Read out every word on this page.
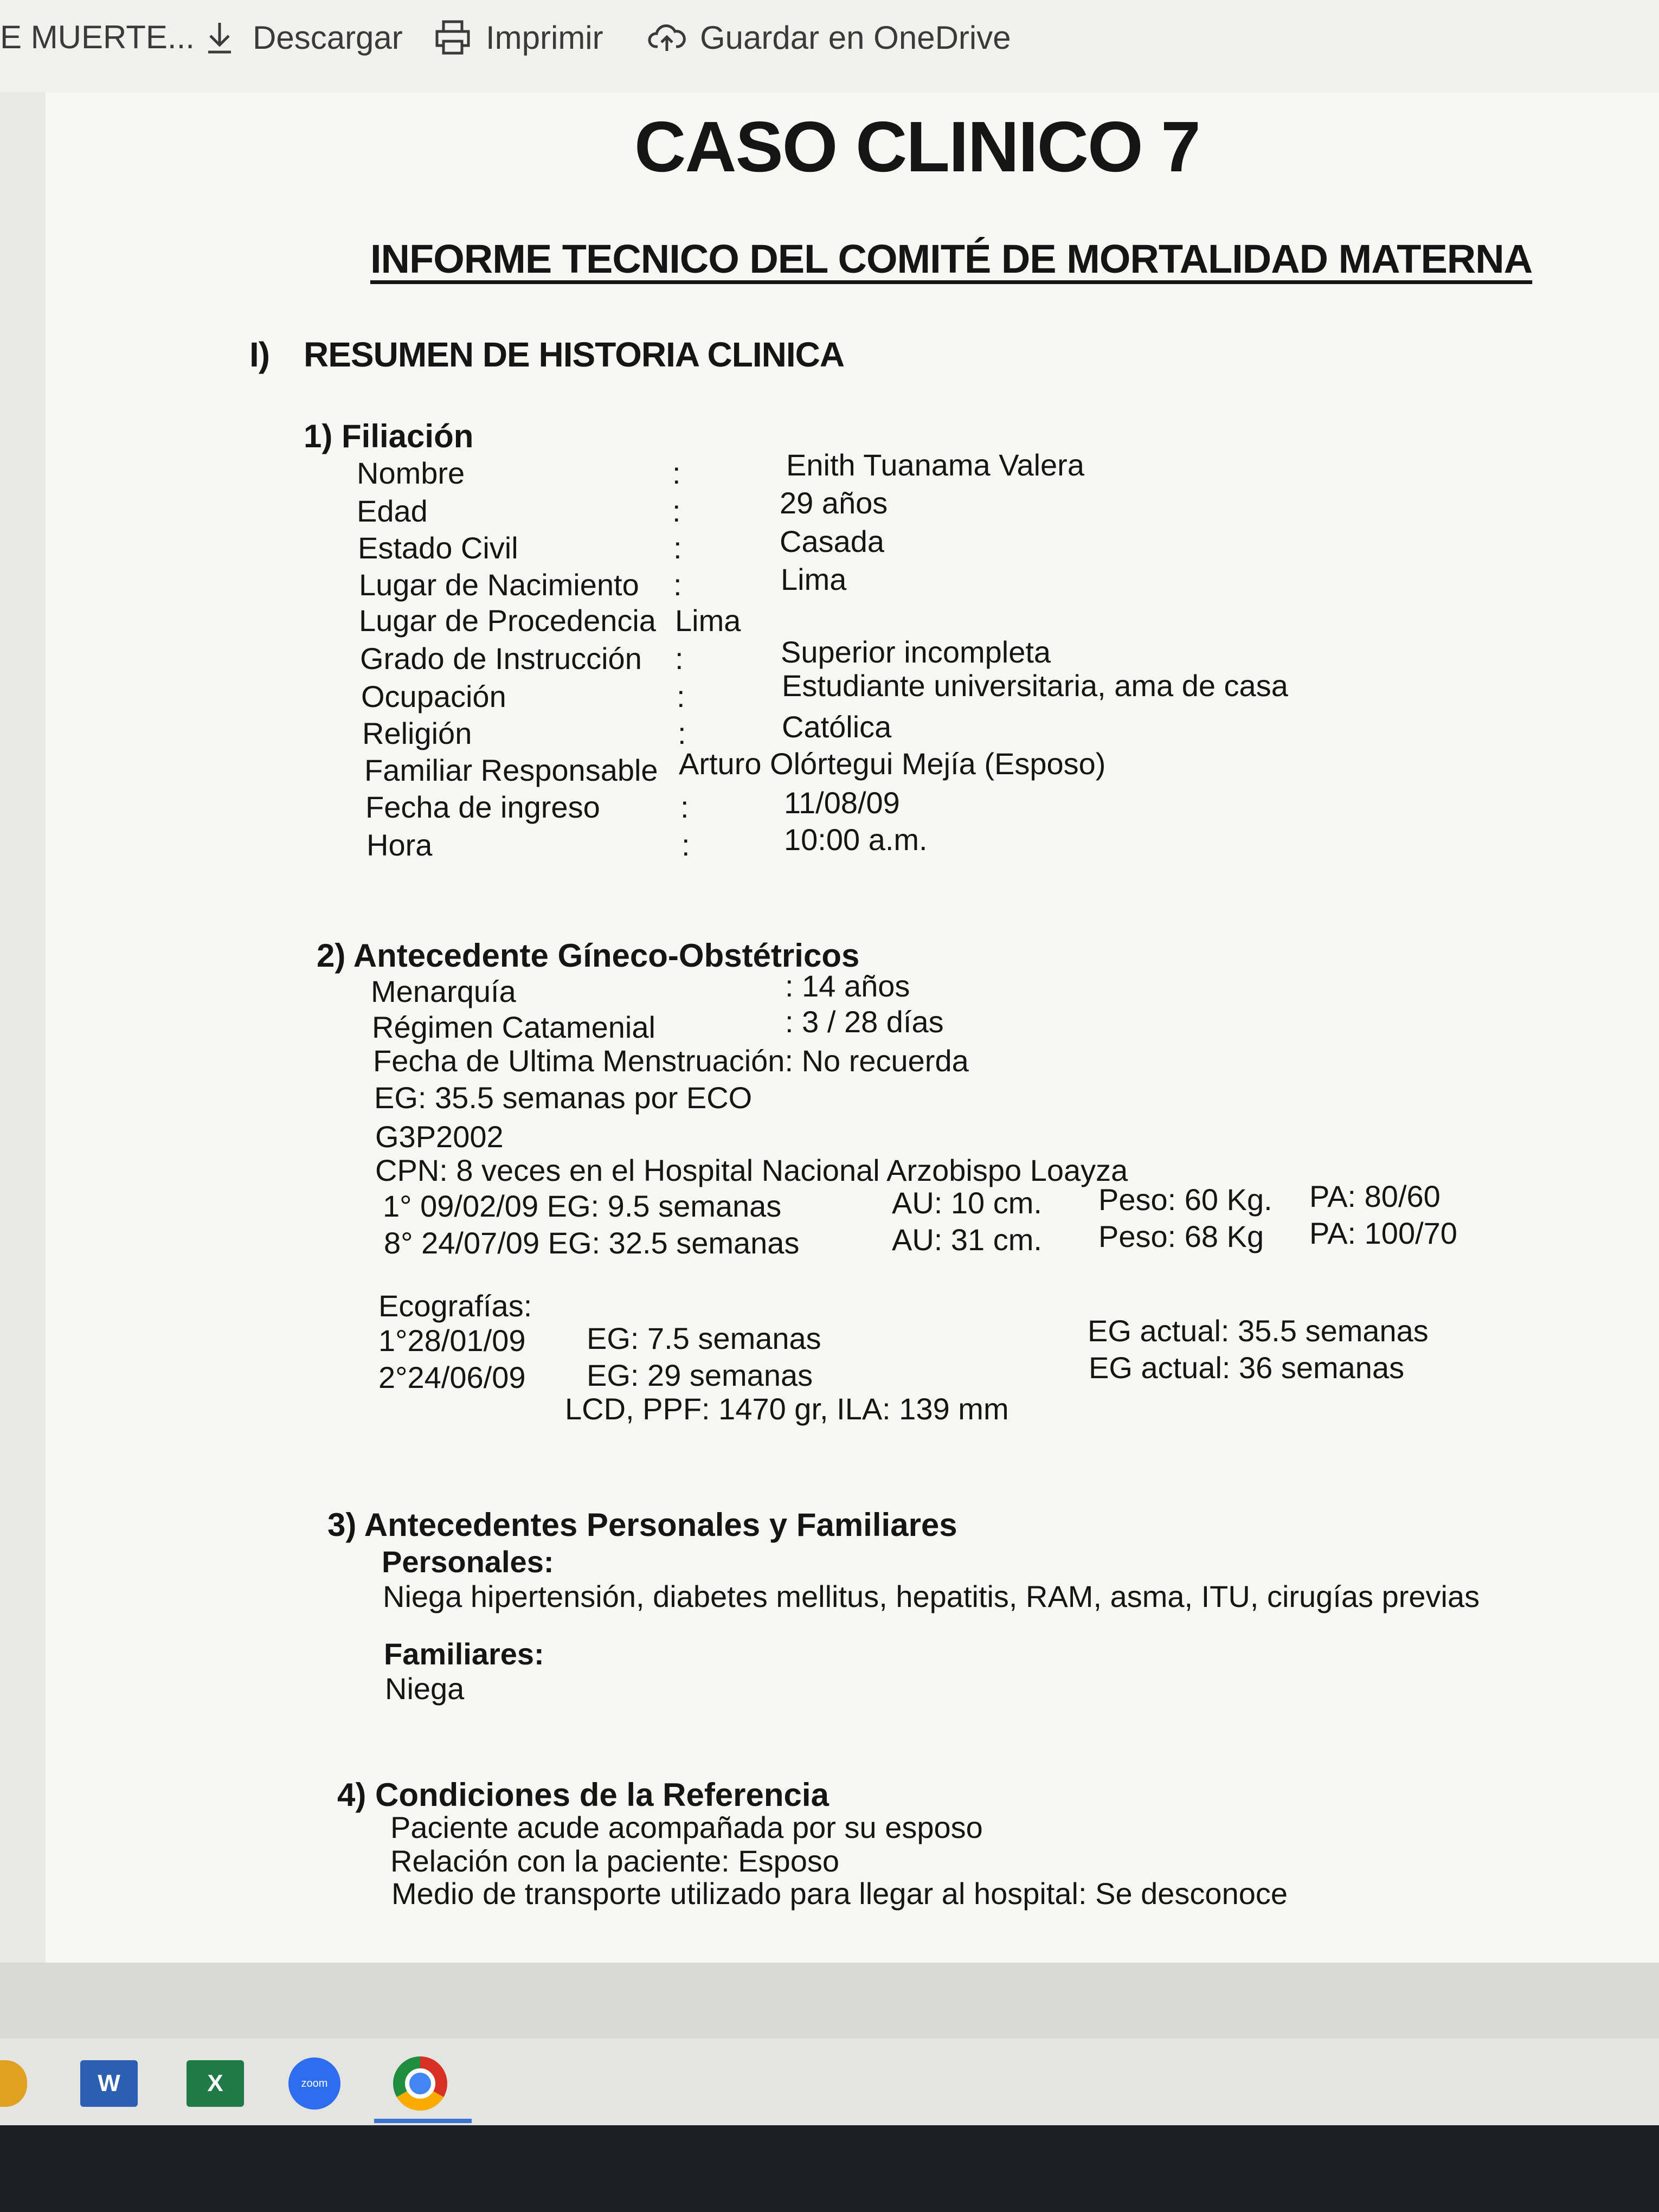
E MUERTE... Descargar	Imprimir	Guardar en OneDrive
CASO CLINICO 7
INFORME TECNICO DEL COMITÉ DE MORTALIDAD MATERNA
I) RESUMEN DE HISTORIA CLINICA
1) Filiación
Nombre	:	Enith Tuanama Valera
Edad	:	29 años
Estado Civil	:	Casada
Lugar de Nacimiento :	Lima
Lugar de Procedencia Lima
Grado de Instrucción :	Superior incompleta
Ocupación	:	Estudiante universitaria, ama de casa
Religión	:	Católica
Familiar Responsable Arturo Olórtegui Mejía (Esposo)
Fecha de ingreso	:	11/08/09
Hora	:	10:00 a.m.
2) Antecedente Gíneco-Obstétricos
Menarquía	: 14 años
Régimen Catamenial	: 3 / 28 días
Fecha de Ultima Menstruación: No recuerda
EG: 35.5 semanas por ECO
G3P2002
CPN: 8 veces en el Hospital Nacional Arzobispo Loayza
1° 09/02/09 EG: 9.5 semanas	AU: 10 cm. Peso: 60 Kg. PA: 80/60
8° 24/07/09 EG: 32.5 semanas	AU: 31 cm. Peso: 68 Kg PA: 100/70
Ecografías:
1°28/01/09 EG: 7.5 semanas	EG actual: 35.5 semanas
2°24/06/09 EG: 29 semanas	EG actual: 36 semanas
LCD, PPF: 1470 gr, ILA: 139 mm
3) Antecedentes Personales y Familiares
Personales:
Niega hipertensión, diabetes mellitus, hepatitis, RAM, asma, ITU, cirugías previas
Familiares:
Niega
4) Condiciones de la Referencia
Paciente acude acompañada por su esposo
Relación con la paciente: Esposo
Medio de transporte utilizado para llegar al hospital: Se desconoce
W	X	zoom
